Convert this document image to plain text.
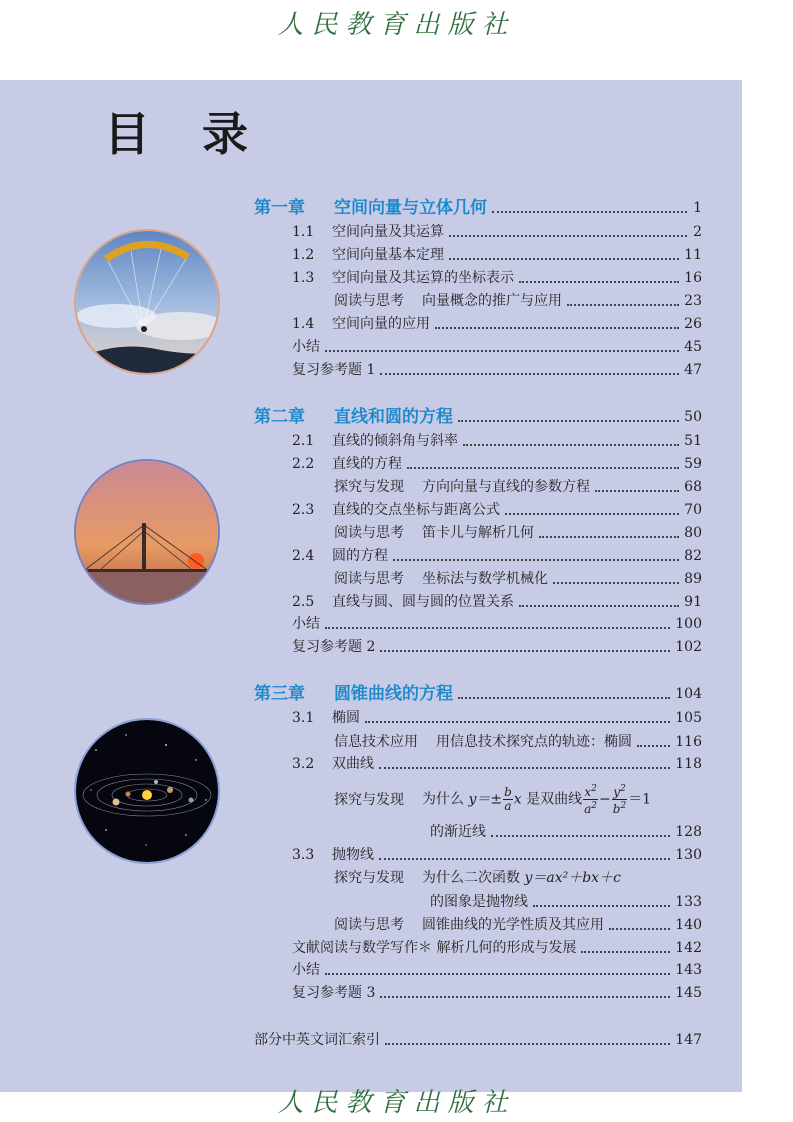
人民教育出版社
目 录
第一章 空间向量与立体几何	1
1.1 空间向量及其运算	2
1.2 空间向量基本定理	11
1.3 空间向量及其运算的坐标表示	16
阅读与思考 向量概念的推广与应用	23
1.4 空间向量的应用	26
小结	45
复习参考题 1	47
第二章 直线和圆的方程	50
2.1 直线的倾斜角与斜率	51
2.2 直线的方程	59
探究与发现 方向向量与直线的参数方程	68
2.3 直线的交点坐标与距离公式	70
阅读与思考 笛卡儿与解析几何	80
2.4 圆的方程	82
阅读与思考 坐标法与数学机械化	89
2.5 直线与圆、圆与圆的位置关系	91
小结	100
复习参考题 2	102
第三章 圆锥曲线的方程	104
3.1 椭圆	105
信息技术应用 用信息技术探究点的轨迹：椭圆	116
3.2 双曲线	118
探究与发现 为什么 $y=\pm \frac{b}{a}$ x 是双曲线 $\frac{x^2}{a^2} - \frac{y^2}{b^2} =1$
的渐近线	128
3.3 抛物线	130
探究与发现 为什么二次函数 y＝ax²＋bx＋c
的图象是抛物线	133
阅读与思考 圆锥曲线的光学性质及其应用	140
文献阅读与数学写作＊ 解析几何的形成与发展	142
小结	143
复习参考题 3	145
部分中英文词汇索引	147
人民教育出版社
